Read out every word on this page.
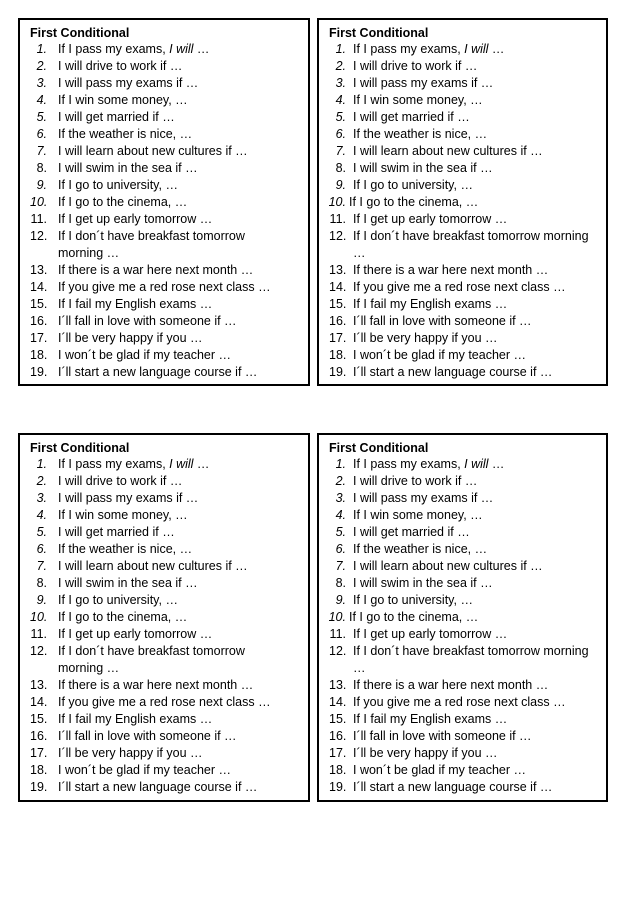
First Conditional
1. If I pass my exams, I will …
2. I will drive to work if …
3. I will pass my exams if …
4. If I win some money, …
5. I will get married if …
6. If the weather is nice, …
7. I will learn about new cultures if …
8. I will swim in the sea if …
9. If I go to university, …
10. If I go to the cinema, …
11. If I get up early tomorrow …
12. If I don´t have breakfast tomorrow morning …
13. If there is a war here next month …
14. If you give me a red rose next class …
15. If I fail my English exams …
16. I´ll fall in love with someone if …
17. I´ll be very happy if you …
18. I won´t be glad if my teacher …
19. I´ll start a new language course if …
First Conditional
1. If I pass my exams, I will …
2. I will drive to work if …
3. I will pass my exams if …
4. If I win some money, …
5. I will get married if …
6. If the weather is nice, …
7. I will learn about new cultures if …
8. I will swim in the sea if …
9. If I go to university, …
10. If I go to the cinema, …
11. If I get up early tomorrow …
12. If I don´t have breakfast tomorrow morning …
13. If there is a war here next month …
14. If you give me a red rose next class …
15. If I fail my English exams …
16. I´ll fall in love with someone if …
17. I´ll be very happy if you …
18. I won´t be glad if my teacher …
19. I´ll start a new language course if …
First Conditional
1. If I pass my exams, I will …
2. I will drive to work if …
3. I will pass my exams if …
4. If I win some money, …
5. I will get married if …
6. If the weather is nice, …
7. I will learn about new cultures if …
8. I will swim in the sea if …
9. If I go to university, …
10. If I go to the cinema, …
11. If I get up early tomorrow …
12. If I don´t have breakfast tomorrow morning …
13. If there is a war here next month …
14. If you give me a red rose next class …
15. If I fail my English exams …
16. I´ll fall in love with someone if …
17. I´ll be very happy if you …
18. I won´t be glad if my teacher …
19. I´ll start a new language course if …
First Conditional
1. If I pass my exams, I will …
2. I will drive to work if …
3. I will pass my exams if …
4. If I win some money, …
5. I will get married if …
6. If the weather is nice, …
7. I will learn about new cultures if …
8. I will swim in the sea if …
9. If I go to university, …
10. If I go to the cinema, …
11. If I get up early tomorrow …
12. If I don´t have breakfast tomorrow morning …
13. If there is a war here next month …
14. If you give me a red rose next class …
15. If I fail my English exams …
16. I´ll fall in love with someone if …
17. I´ll be very happy if you …
18. I won´t be glad if my teacher …
19. I´ll start a new language course if …
